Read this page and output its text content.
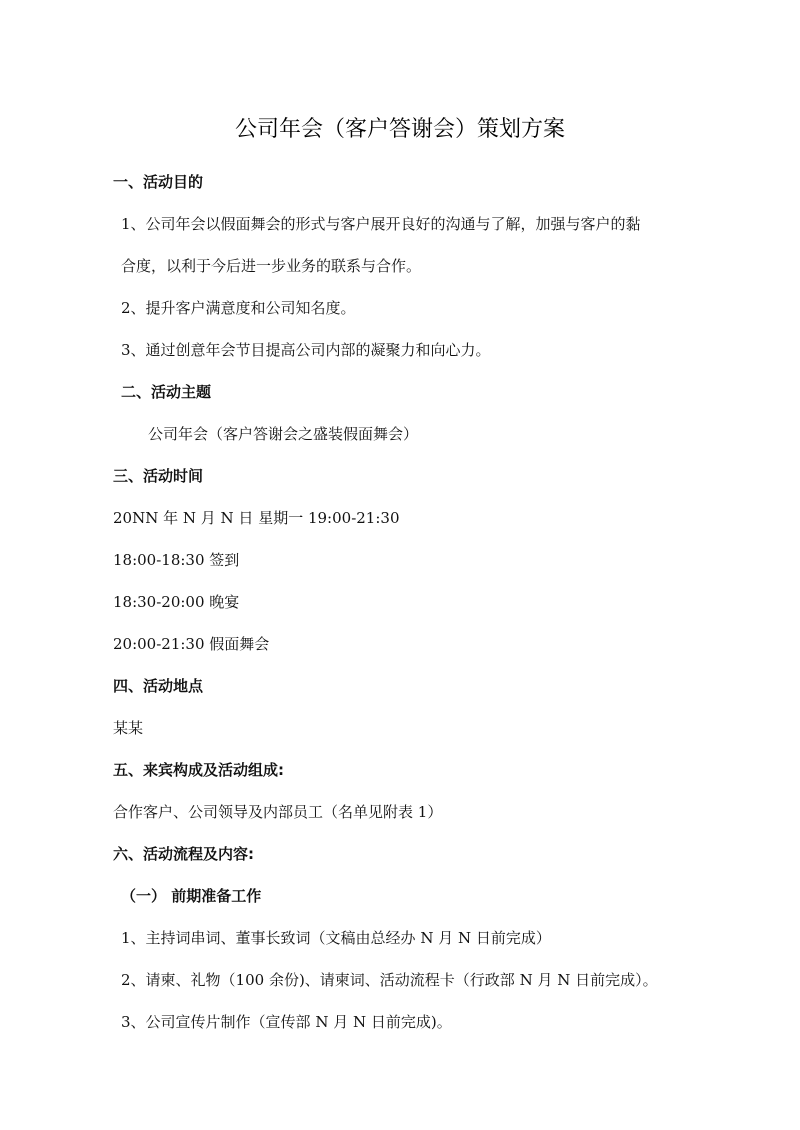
公司年会（客户答谢会）策划方案
一、活动目的
1、公司年会以假面舞会的形式与客户展开良好的沟通与了解，加强与客户的黏
合度，以利于今后进一步业务的联系与合作。
2、提升客户满意度和公司知名度。
3、通过创意年会节目提高公司内部的凝聚力和向心力。
二、活动主题
公司年会（客户答谢会之盛装假面舞会）
三、活动时间
20NN 年 N 月 N 日 星期一 19:00-21:30
18:00-18:30 签到
18:30-20:00 晚宴
20:00-21:30 假面舞会
四、活动地点
某某
五、来宾构成及活动组成:
合作客户、公司领导及内部员工（名单见附表 1）
六、活动流程及内容:
（一） 前期准备工作
1、主持词串词、董事长致词（文稿由总经办 N 月 N 日前完成）
2、请柬、礼物（100 余份)、请柬词、活动流程卡（行政部 N 月 N 日前完成）。
3、公司宣传片制作（宣传部 N 月 N 日前完成)。
